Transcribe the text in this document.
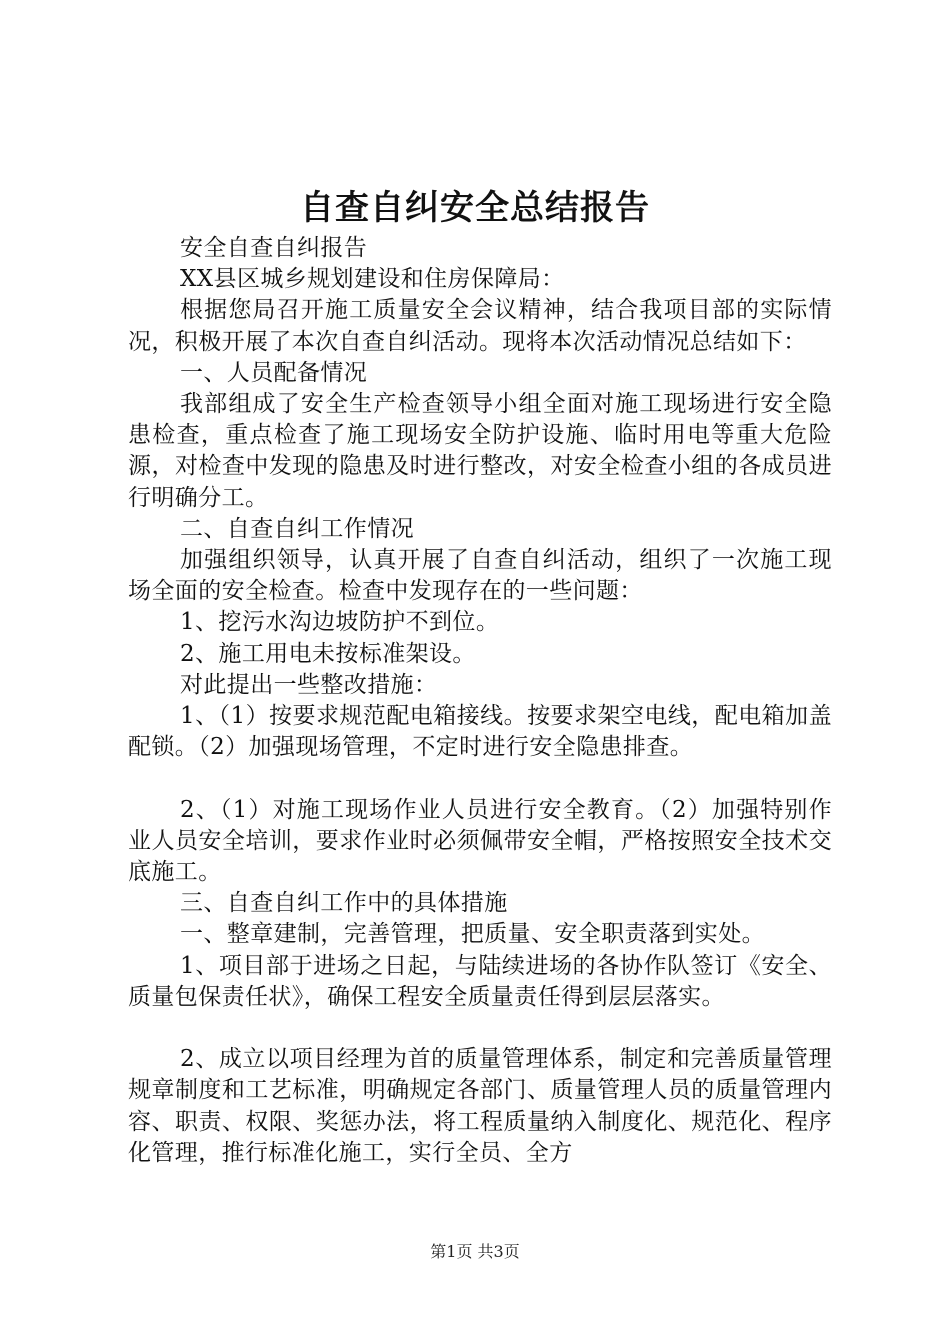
自查自纠安全总结报告

安全自查自纠报告

XX县区城乡规划建设和住房保障局：

根据您局召开施工质量安全会议精神，结合我项目部的实际情况，积极开展了本次自查自纠活动。现将本次活动情况总结如下：

一、人员配备情况

我部组成了安全生产检查领导小组全面对施工现场进行安全隐患检查，重点检查了施工现场安全防护设施、临时用电等重大危险源，对检查中发现的隐患及时进行整改，对安全检查小组的各成员进行明确分工。

二、自查自纠工作情况

加强组织领导，认真开展了自查自纠活动，组织了一次施工现场全面的安全检查。检查中发现存在的一些问题：

1、挖污水沟边坡防护不到位。

2、施工用电未按标准架设。

对此提出一些整改措施：

1、（1）按要求规范配电箱接线。按要求架空电线，配电箱加盖配锁。（2）加强现场管理，不定时进行安全隐患排查。

2、（1）对施工现场作业人员进行安全教育。（2）加强特别作业人员安全培训，要求作业时必须佩带安全帽，严格按照安全技术交底施工。

三、自查自纠工作中的具体措施

一、整章建制，完善管理，把质量、安全职责落到实处。

1、项目部于进场之日起，与陆续进场的各协作队签订《安全、质量包保责任状》，确保工程安全质量责任得到层层落实。

2、成立以项目经理为首的质量管理体系，制定和完善质量管理规章制度和工艺标准，明确规定各部门、质量管理人员的质量管理内容、职责、权限、奖惩办法，将工程质量纳入制度化、规范化、程序化管理，推行标准化施工，实行全员、全方

第1页 共3页
